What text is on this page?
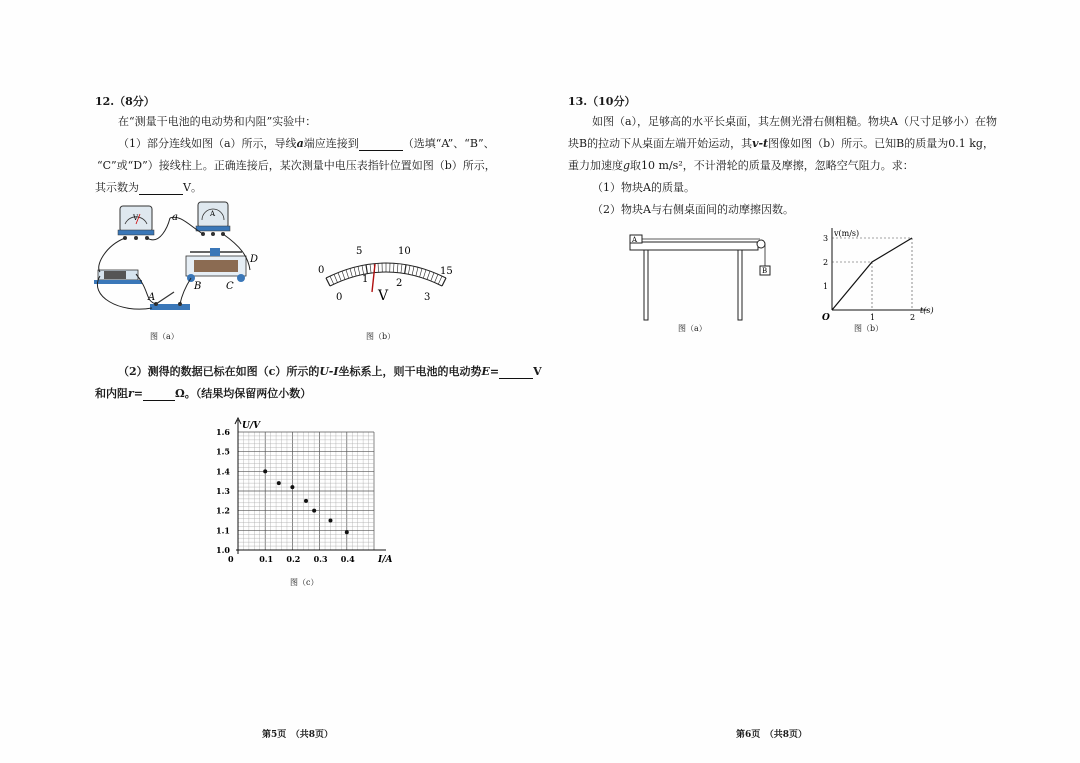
12.（8分）
在“测量干电池的电动势和内阻”实验中：
（1）部分连线如图（a）所示，导线a端应连接到	（选填“A”、“B”、
“C”或“D”）接线柱上。正确连接后，某次测量中电压表指针位置如图（b）所示，
其示数为	V。
a
V	A
D
B C
A
图（a）
0
5	10
15
0
1	2
3
V
图（b）
（2）测得的数据已标在如图（c）所示的U-I坐标系上，则干电池的电动势E=	V
和内阻r=	Ω。（结果均保留两位小数）
U/V
I/A
1.0
1.1
1.2
1.3
1.4
1.5
1.6
0	0.1 0.2 0.3 0.4
图（c）
第5页　（共8页）
13.（10分）
如图（a），足够高的水平长桌面，其左侧光滑右侧粗糙。物块A（尺寸足够小）在物
块B的拉动下从桌面左端开始运动，其v-t图像如图（b）所示。已知B的质量为0.1 kg，
重力加速度g取10 m/s²，不计滑轮的质量及摩擦，忽略空气阻力。求：
（1）物块A的质量。
（2）物块A与右侧桌面间的动摩擦因数。
A
B
图（a）
v(m/s)
t(s)
O
1
2
3
1	2
图（b）
第6页　（共8页）
